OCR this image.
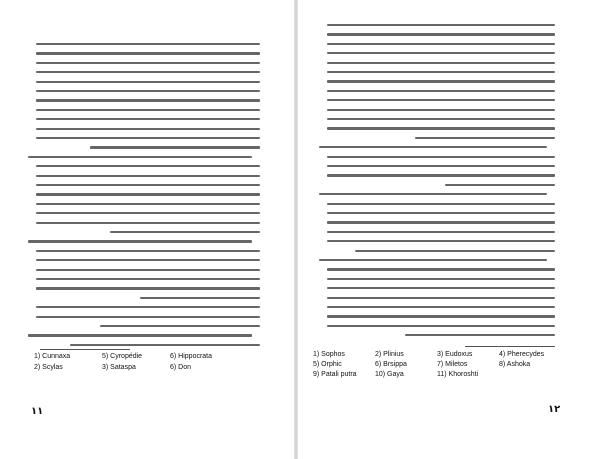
1) Cunnaxa	5) Cyropédie	6) Hippocrata
2) Scylas	3) Sataspa	6) Don
۱۱
1) Sophos	2) Plinius	3) Eudoxus	4) Pherecydes
5) Orphic	6) Brsippa	7) Miletos	8) Ashoka
9) Patali putra	10) Gaya	11) Khoroshti
۱۲
